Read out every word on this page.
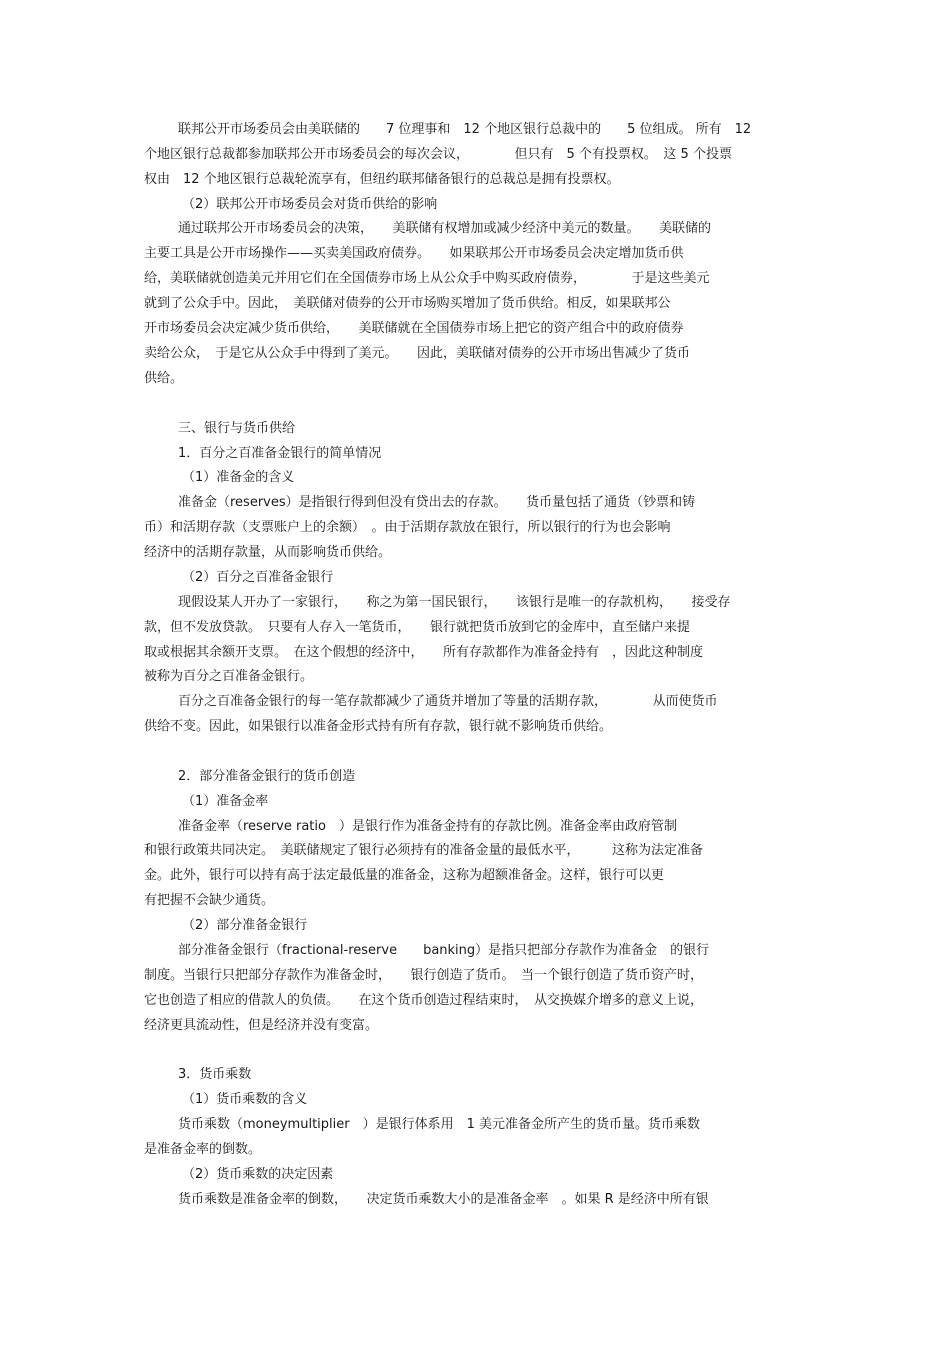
联邦公开市场委员会由美联储的　　7 位理事和　12 个地区银行总裁中的　　5 位组成。 所有　12
个地区银行总裁都参加联邦公开市场委员会的每次会议，　　　　但只有　5 个有投票权。　这 5 个投票
权由　12 个地区银行总裁轮流享有，但纽约联邦储备银行的总裁总是拥有投票权。
（2）联邦公开市场委员会对货币供给的影响
通过联邦公开市场委员会的决策，　　美联储有权增加或减少经济中美元的数量。　　美联储的
主要工具是公开市场操作——买卖美国政府债券。　　如果联邦公开市场委员会决定增加货币供
给，美联储就创造美元并用它们在全国债券市场上从公众手中购买政府债券，　　　　于是这些美元
就到了公众手中。因此，　美联储对债券的公开市场购买增加了货币供给。相反，如果联邦公
开市场委员会决定减少货币供给，　　美联储就在全国债券市场上把它的资产组合中的政府债券
卖给公众，　于是它从公众手中得到了美元。　　因此，美联储对债券的公开市场出售减少了货币
供给。
三、银行与货币供给
1．百分之百准备金银行的简单情况
（1）准备金的含义
准备金（reserves）是指银行得到但没有贷出去的存款。　　货币量包括了通货（钞票和铸
币）和活期存款（支票账户上的余额）　。由于活期存款放在银行，所以银行的行为也会影响
经济中的活期存款量，从而影响货币供给。
（2）百分之百准备金银行
现假设某人开办了一家银行，　　称之为第一国民银行，　　该银行是唯一的存款机构，　　接受存
款，但不发放贷款。　只要有人存入一笔货币，　　银行就把货币放到它的金库中，直至储户来提
取或根据其余额开支票。　在这个假想的经济中，　　所有存款都作为准备金持有　，因此这种制度
被称为百分之百准备金银行。
百分之百准备金银行的每一笔存款都减少了通货并增加了等量的活期存款，　　　　从而使货币
供给不变。因此，如果银行以准备金形式持有所有存款，银行就不影响货币供给。
2．部分准备金银行的货币创造
（1）准备金率
准备金率（reserve ratio　）是银行作为准备金持有的存款比例。准备金率由政府管制
和银行政策共同决定。　美联储规定了银行必须持有的准备金量的最低水平，　　　这称为法定准备
金。此外，银行可以持有高于法定最低量的准备金，这称为超额准备金。这样，银行可以更
有把握不会缺少通货。
（2）部分准备金银行
部分准备金银行（fractional-reserve　　banking）是指只把部分存款作为准备金　的银行
制度。当银行只把部分存款作为准备金时，　　银行创造了货币。　当一个银行创造了货币资产时，
它也创造了相应的借款人的负债。　　在这个货币创造过程结束时，　从交换媒介增多的意义上说，
经济更具流动性，但是经济并没有变富。
3．货币乘数
（1）货币乘数的含义
货币乘数（moneymultiplier　）是银行体系用　1 美元准备金所产生的货币量。货币乘数
是准备金率的倒数。
（2）货币乘数的决定因素
货币乘数是准备金率的倒数，　　决定货币乘数大小的是准备金率　。如果 R 是经济中所有银
